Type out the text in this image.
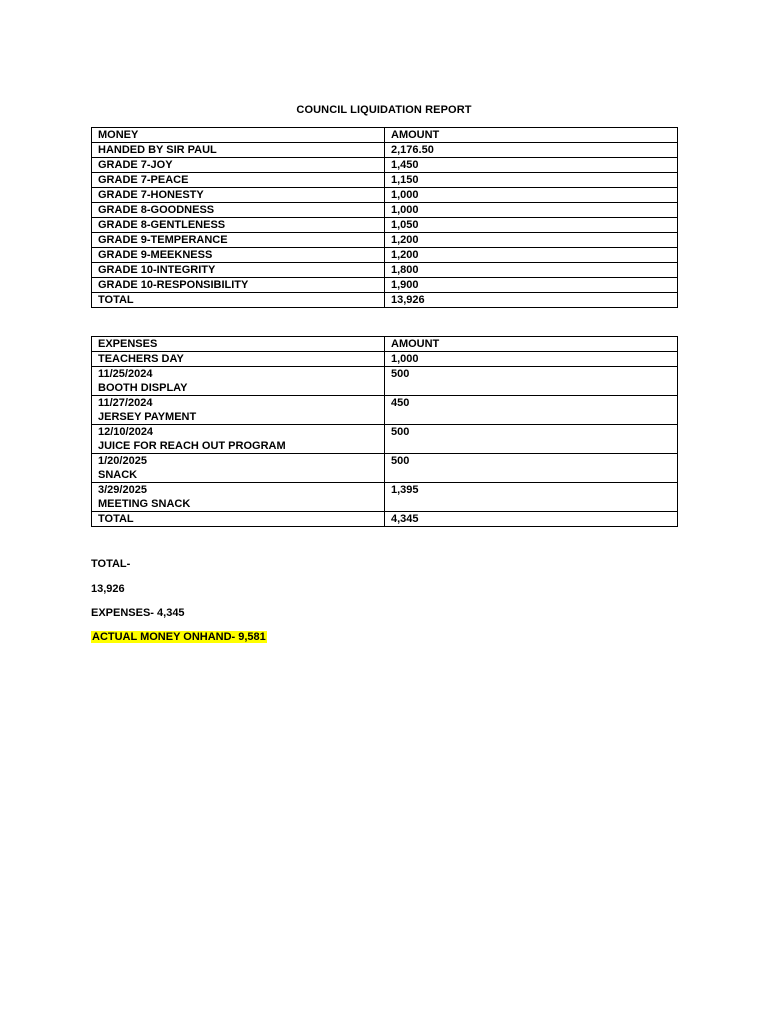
COUNCIL LIQUIDATION REPORT
MONEY	AMOUNT
HANDED BY SIR PAUL	2,176.50
GRADE 7-JOY	1,450
GRADE 7-PEACE	1,150
GRADE 7-HONESTY	1,000
GRADE 8-GOODNESS	1,000
GRADE 8-GENTLENESS	1,050
GRADE 9-TEMPERANCE	1,200
GRADE 9-MEEKNESS	1,200
GRADE 10-INTEGRITY	1,800
GRADE 10-RESPONSIBILITY	1,900
TOTAL	13,926
EXPENSES	AMOUNT

TEACHERS DAY	1,000

11/25/2024
BOOTH DISPLAY	500

11/27/2024
JERSEY PAYMENT	450

12/10/2024
JUICE FOR REACH OUT PROGRAM	500

1/20/2025
SNACK	500

3/29/2025
MEETING SNACK	1,395
TOTAL	4,345
TOTAL-
13,926
EXPENSES- 4,345
ACTUAL MONEY ONHAND- 9,581
